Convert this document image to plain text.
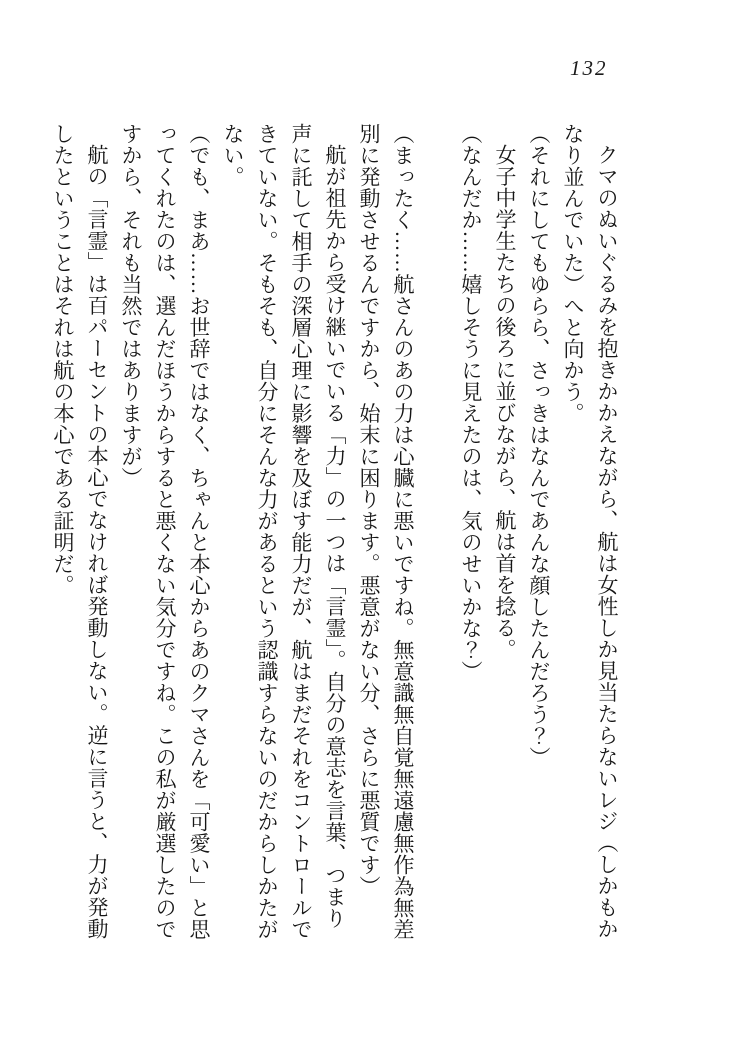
132
クマのぬいぐるみを抱きかかえながら、航は女性しか見当たらないレジ（しかもか
なり並んでいた）へと向かう。
（それにしてもゆらら、さっきはなんであんな顔したんだろう？）
女子中学生たちの後ろに並びながら、航は首を捻る。
（なんだか……嬉しそうに見えたのは、気のせいかな？）
（まったく……航さんのあの力は心臓に悪いですね。無意識無自覚無遠慮無作為無差
別に発動させるんですから、始末に困ります。悪意がない分、さらに悪質です）
航が祖先から受け継いでいる「力」の一つは「言霊」。自分の意志を言葉、つまり
声に託して相手の深層心理に影響を及ぼす能力だが、航はまだそれをコントロールで
きていない。そもそも、自分にそんな力があるという認識すらないのだからしかたが
ない。
（でも、まあ……お世辞ではなく、ちゃんと本心からあのクマさんを「可愛い」と思
ってくれたのは、選んだほうからすると悪くない気分ですね。この私が厳選したので
すから、それも当然ではありますが）
航の「言霊」は百パーセントの本心でなければ発動しない。逆に言うと、力が発動
したということはそれは航の本心である証明だ。
